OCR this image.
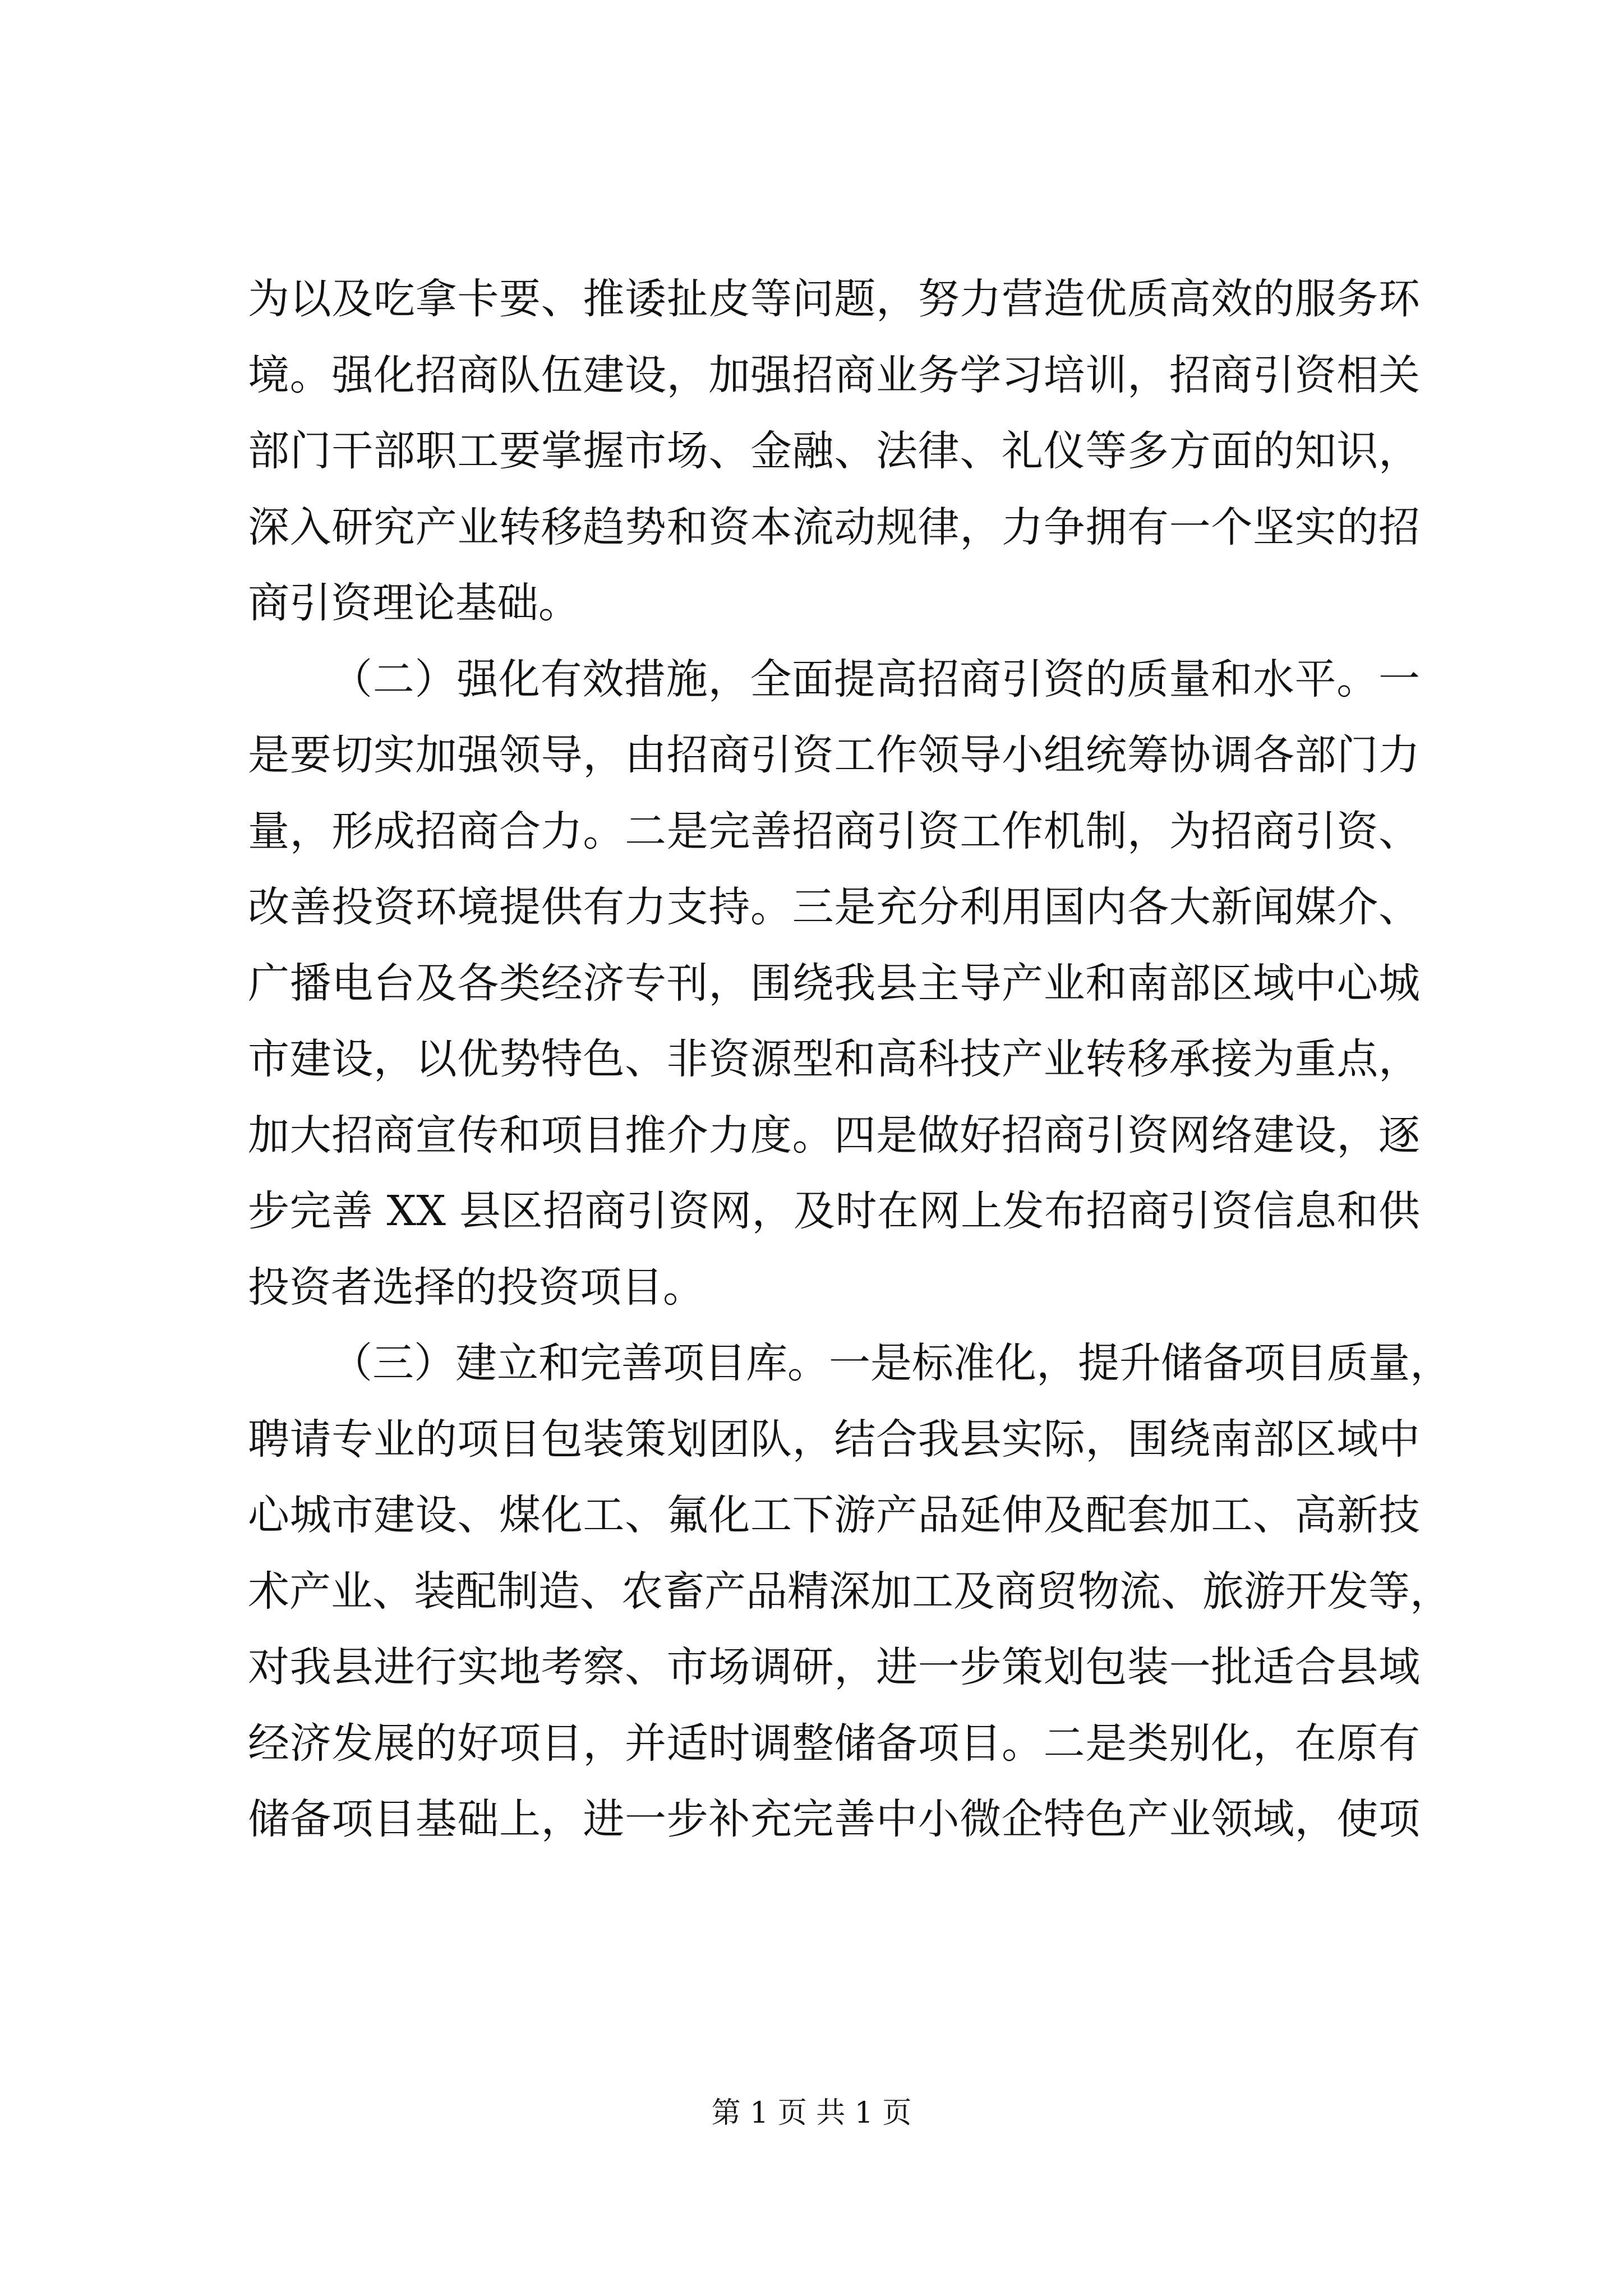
为以及吃拿卡要、推诿扯皮等问题，努力营造优质高效的服务环
境。强化招商队伍建设，加强招商业务学习培训，招商引资相关
部门干部职工要掌握市场、金融、法律、礼仪等多方面的知识，
深入研究产业转移趋势和资本流动规律，力争拥有一个坚实的招
商引资理论基础。
（二）强化有效措施，全面提高招商引资的质量和水平。一
是要切实加强领导，由招商引资工作领导小组统筹协调各部门力
量，形成招商合力。二是完善招商引资工作机制，为招商引资、
改善投资环境提供有力支持。三是充分利用国内各大新闻媒介、
广播电台及各类经济专刊，围绕我县主导产业和南部区域中心城
市建设，以优势特色、非资源型和高科技产业转移承接为重点，
加大招商宣传和项目推介力度。四是做好招商引资网络建设，逐
步完善 XX 县区招商引资网，及时在网上发布招商引资信息和供
投资者选择的投资项目。
（三）建立和完善项目库。一是标准化，提升储备项目质量，
聘请专业的项目包装策划团队，结合我县实际，围绕南部区域中
心城市建设、煤化工、氟化工下游产品延伸及配套加工、高新技
术产业、装配制造、农畜产品精深加工及商贸物流、旅游开发等，
对我县进行实地考察、市场调研，进一步策划包装一批适合县域
经济发展的好项目，并适时调整储备项目。二是类别化，在原有
储备项目基础上，进一步补充完善中小微企特色产业领域，使项
第 1 页 共 1 页
